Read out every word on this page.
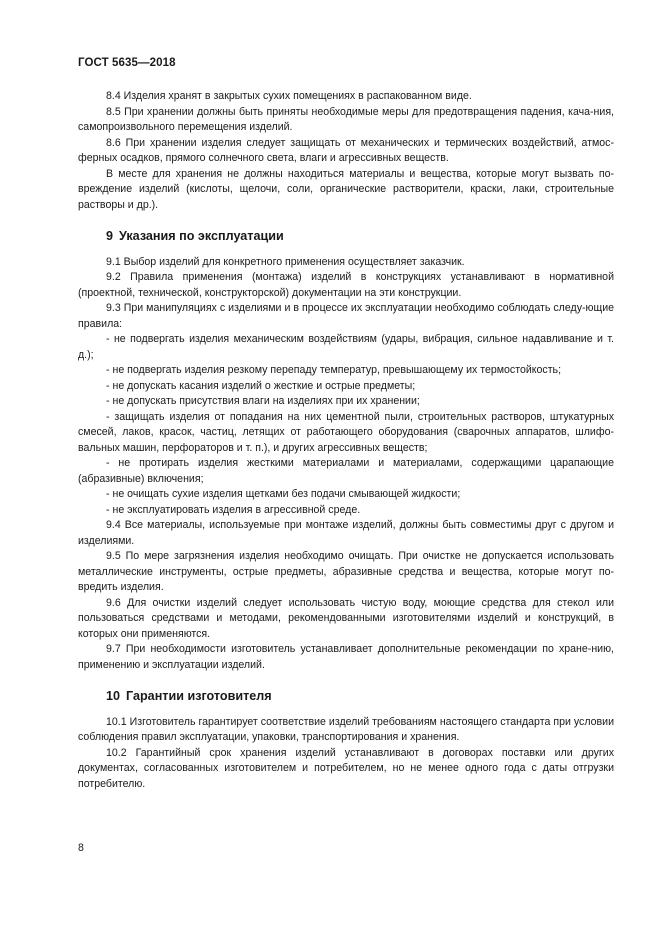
ГОСТ 5635—2018

8.4 Изделия хранят в закрытых сухих помещениях в распакованном виде.

8.5 При хранении должны быть приняты необходимые меры для предотвращения падения, кача-ния, самопроизвольного перемещения изделий.

8.6 При хранении изделия следует защищать от механических и термических воздействий, атмос-ферных осадков, прямого солнечного света, влаги и агрессивных веществ.

В месте для хранения не должны находиться материалы и вещества, которые могут вызвать по-вреждение изделий (кислоты, щелочи, соли, органические растворители, краски, лаки, строительные растворы и др.).

9 Указания по эксплуатации

9.1 Выбор изделий для конкретного применения осуществляет заказчик.

9.2 Правила применения (монтажа) изделий в конструкциях устанавливают в нормативной (проектной, технической, конструкторской) документации на эти конструкции.

9.3 При манипуляциях с изделиями и в процессе их эксплуатации необходимо соблюдать следу-ющие правила:

- не подвергать изделия механическим воздействиям (удары, вибрация, сильное надавливание и т. д.);

- не подвергать изделия резкому перепаду температур, превышающему их термостойкость;

- не допускать касания изделий о жесткие и острые предметы;

- не допускать присутствия влаги на изделиях при их хранении;

- защищать изделия от попадания на них цементной пыли, строительных растворов, штукатурных смесей, лаков, красок, частиц, летящих от работающего оборудования (сварочных аппаратов, шлифо-вальных машин, перфораторов и т. п.), и других агрессивных веществ;

- не протирать изделия жесткими материалами и материалами, содержащими царапающие (абразивные) включения;

- не очищать сухие изделия щетками без подачи смывающей жидкости;

- не эксплуатировать изделия в агрессивной среде.

9.4 Все материалы, используемые при монтаже изделий, должны быть совместимы друг с другом и изделиями.

9.5 По мере загрязнения изделия необходимо очищать. При очистке не допускается использовать металлические инструменты, острые предметы, абразивные средства и вещества, которые могут по-вредить изделия.

9.6 Для очистки изделий следует использовать чистую воду, моющие средства для стекол или пользоваться средствами и методами, рекомендованными изготовителями изделий и конструкций, в которых они применяются.

9.7 При необходимости изготовитель устанавливает дополнительные рекомендации по хране-нию, применению и эксплуатации изделий.

10 Гарантии изготовителя

10.1 Изготовитель гарантирует соответствие изделий требованиям настоящего стандарта при условии соблюдения правил эксплуатации, упаковки, транспортирования и хранения.

10.2 Гарантийный срок хранения изделий устанавливают в договорах поставки или других документах, согласованных изготовителем и потребителем, но не менее одного года с даты отгрузки потребителю.

8
